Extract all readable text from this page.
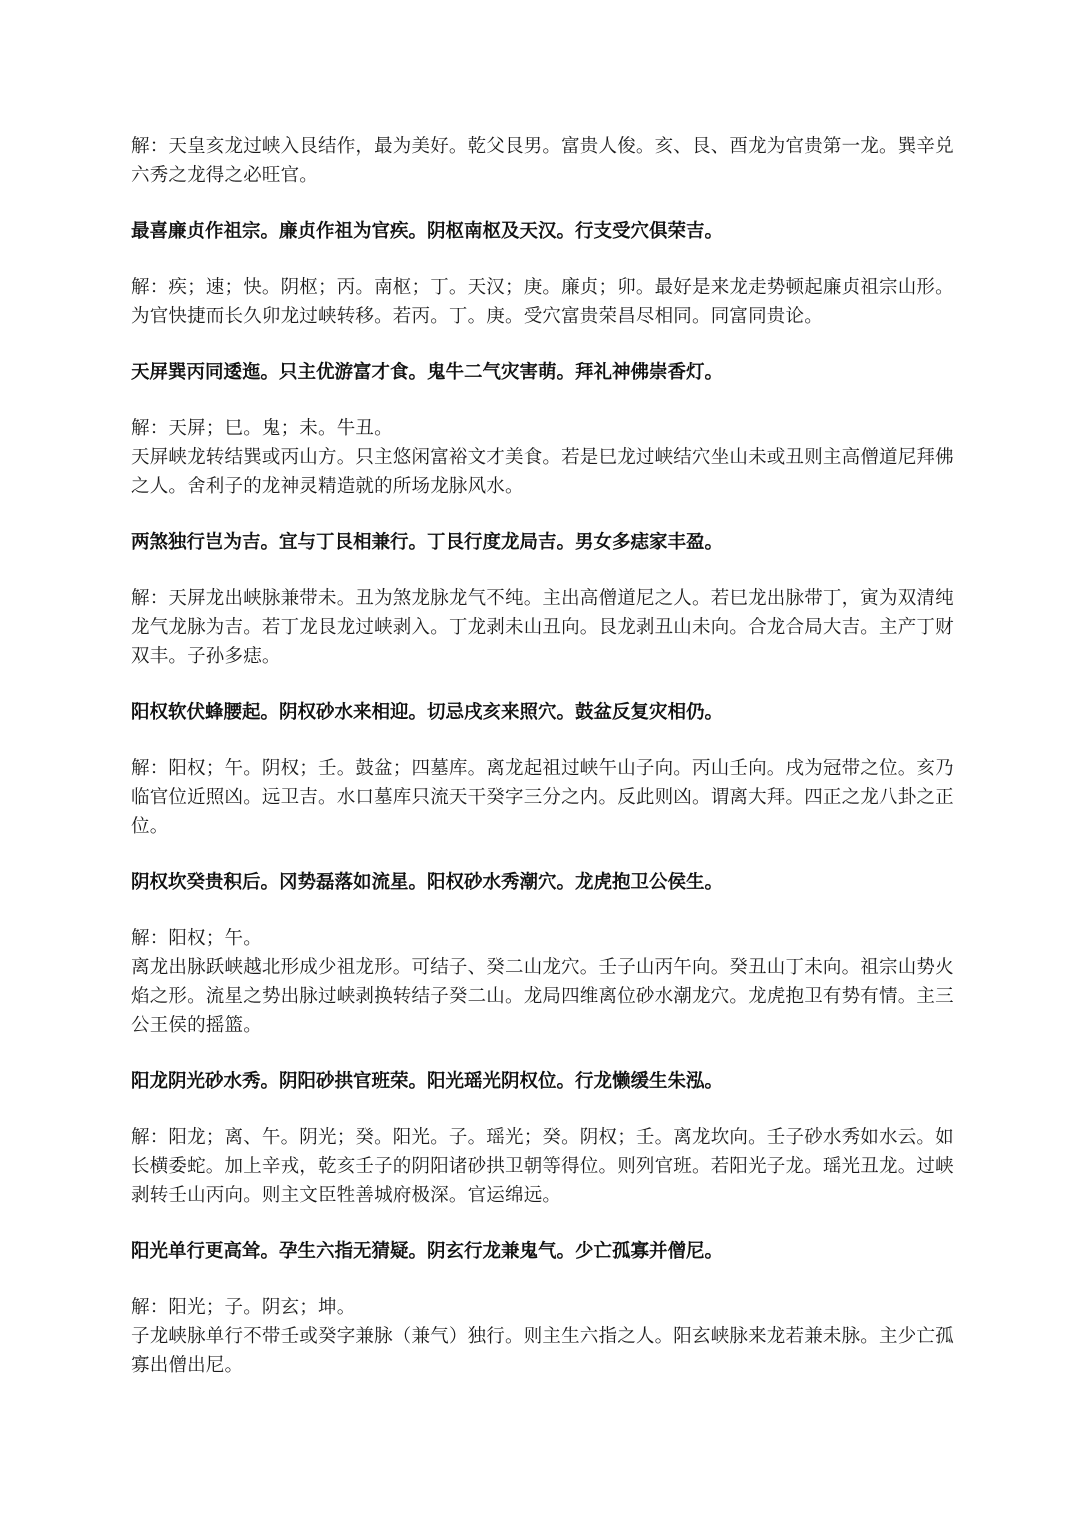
解：天皇亥龙过峡入艮结作，最为美好。乾父艮男。富贵人俊。亥、艮、酉龙为官贵第一龙。巽辛兑

六秀之龙得之必旺官。

最喜廉贞作祖宗。廉贞作祖为官疾。阴枢南枢及天汉。行支受穴俱荣吉。

解：疾；速；快。阴枢；丙。南枢；丁。天汉；庚。廉贞；卯。最好是来龙走势顿起廉贞祖宗山形。

为官快捷而长久卯龙过峡转移。若丙。丁。庚。受穴富贵荣昌尽相同。同富同贵论。

天屏巽丙同逶迤。只主优游富才食。鬼牛二气灾害萌。拜礼神佛崇香灯。

解：天屏；巳。鬼；未。牛丑。

天屏峡龙转结巽或丙山方。只主悠闲富裕文才美食。若是巳龙过峡结穴坐山未或丑则主高僧道尼拜佛

之人。舍利子的龙神灵精造就的所场龙脉风水。

两煞独行岂为吉。宜与丁艮相兼行。丁艮行度龙局吉。男女多痣家丰盈。

解：天屏龙出峡脉兼带未。丑为煞龙脉龙气不纯。主出高僧道尼之人。若巳龙出脉带丁，寅为双清纯

龙气龙脉为吉。若丁龙艮龙过峡剥入。丁龙剥未山丑向。艮龙剥丑山未向。合龙合局大吉。主产丁财

双丰。子孙多痣。

阳权软伏蜂腰起。阴权砂水来相迎。切忌戌亥来照穴。鼓盆反复灾相仍。

解：阳权；午。阴权；壬。鼓盆；四墓库。离龙起祖过峡午山子向。丙山壬向。戌为冠带之位。亥乃

临官位近照凶。远卫吉。水口墓库只流天干癸字三分之内。反此则凶。谓离大拜。四正之龙八卦之正

位。

阴权坎癸贵积后。冈势磊落如流星。阳权砂水秀潮穴。龙虎抱卫公侯生。

解：阳权；午。

离龙出脉跃峡越北形成少祖龙形。可结子、癸二山龙穴。壬子山丙午向。癸丑山丁未向。祖宗山势火

焰之形。流星之势出脉过峡剥换转结子癸二山。龙局四维离位砂水潮龙穴。龙虎抱卫有势有情。主三

公王侯的摇篮。

阳龙阴光砂水秀。阴阳砂拱官班荣。阳光瑶光阴权位。行龙懒缓生朱泓。

解：阳龙；离、午。阴光；癸。阳光。子。瑶光；癸。阴权；壬。离龙坎向。壬子砂水秀如水云。如

长横委蛇。加上辛戎，乾亥壬子的阴阳诸砂拱卫朝等得位。则列官班。若阳光子龙。瑶光丑龙。过峡

剥转壬山丙向。则主文臣牲善城府极深。官运绵远。

阳光单行更高耸。孕生六指无猜疑。阴玄行龙兼鬼气。少亡孤寡并僧尼。

解：阳光；子。阴玄；坤。

子龙峡脉单行不带壬或癸字兼脉（兼气）独行。则主生六指之人。阳玄峡脉来龙若兼未脉。主少亡孤

寡出僧出尼。
